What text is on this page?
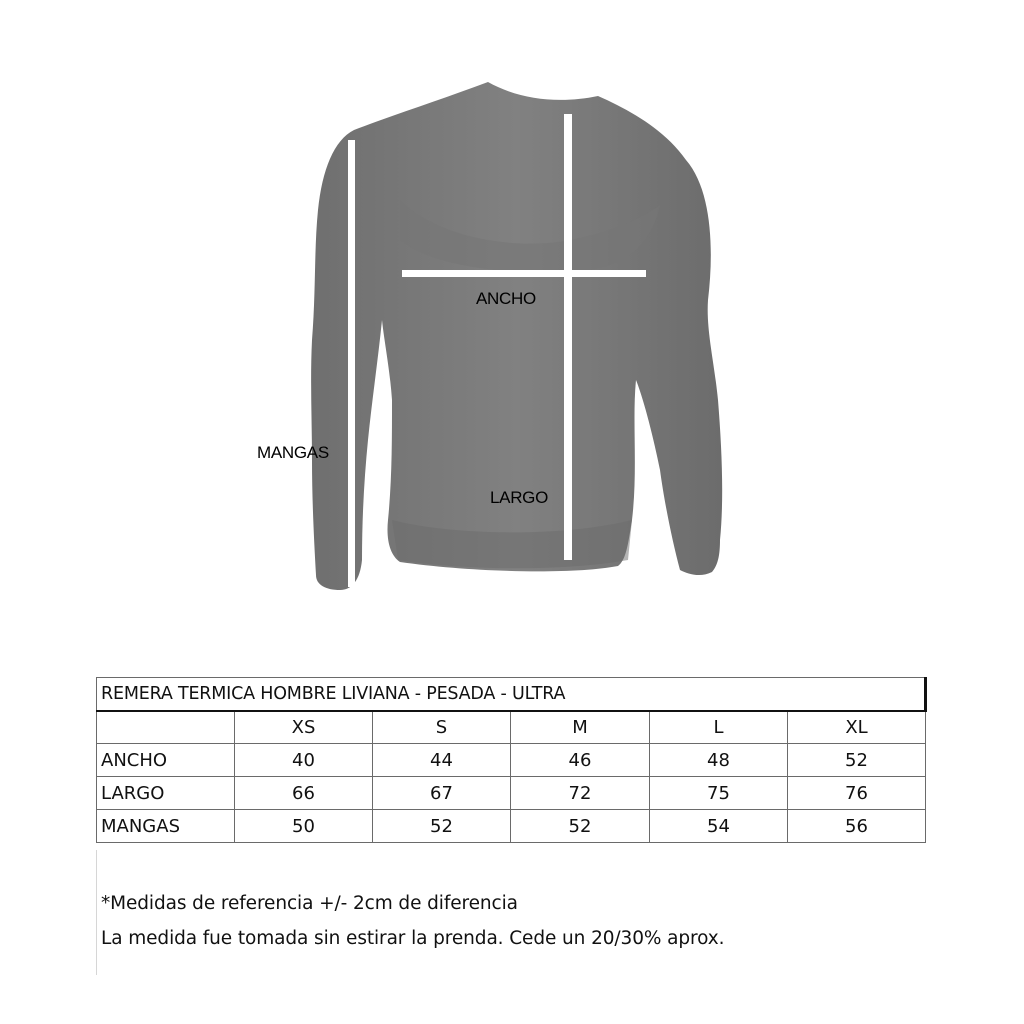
ANCHO
MANGAS
LARGO
REMERA TERMICA HOMBRE LIVIANA - PESADA - ULTRA					
	XS	S	M	L	XL
ANCHO	40	44	46	48	52
LARGO	66	67	72	75	76
MANGAS	50	52	52	54	56
*Medidas de referencia +/- 2cm de diferencia
La medida fue tomada sin estirar la prenda. Cede un 20/30% aprox.
